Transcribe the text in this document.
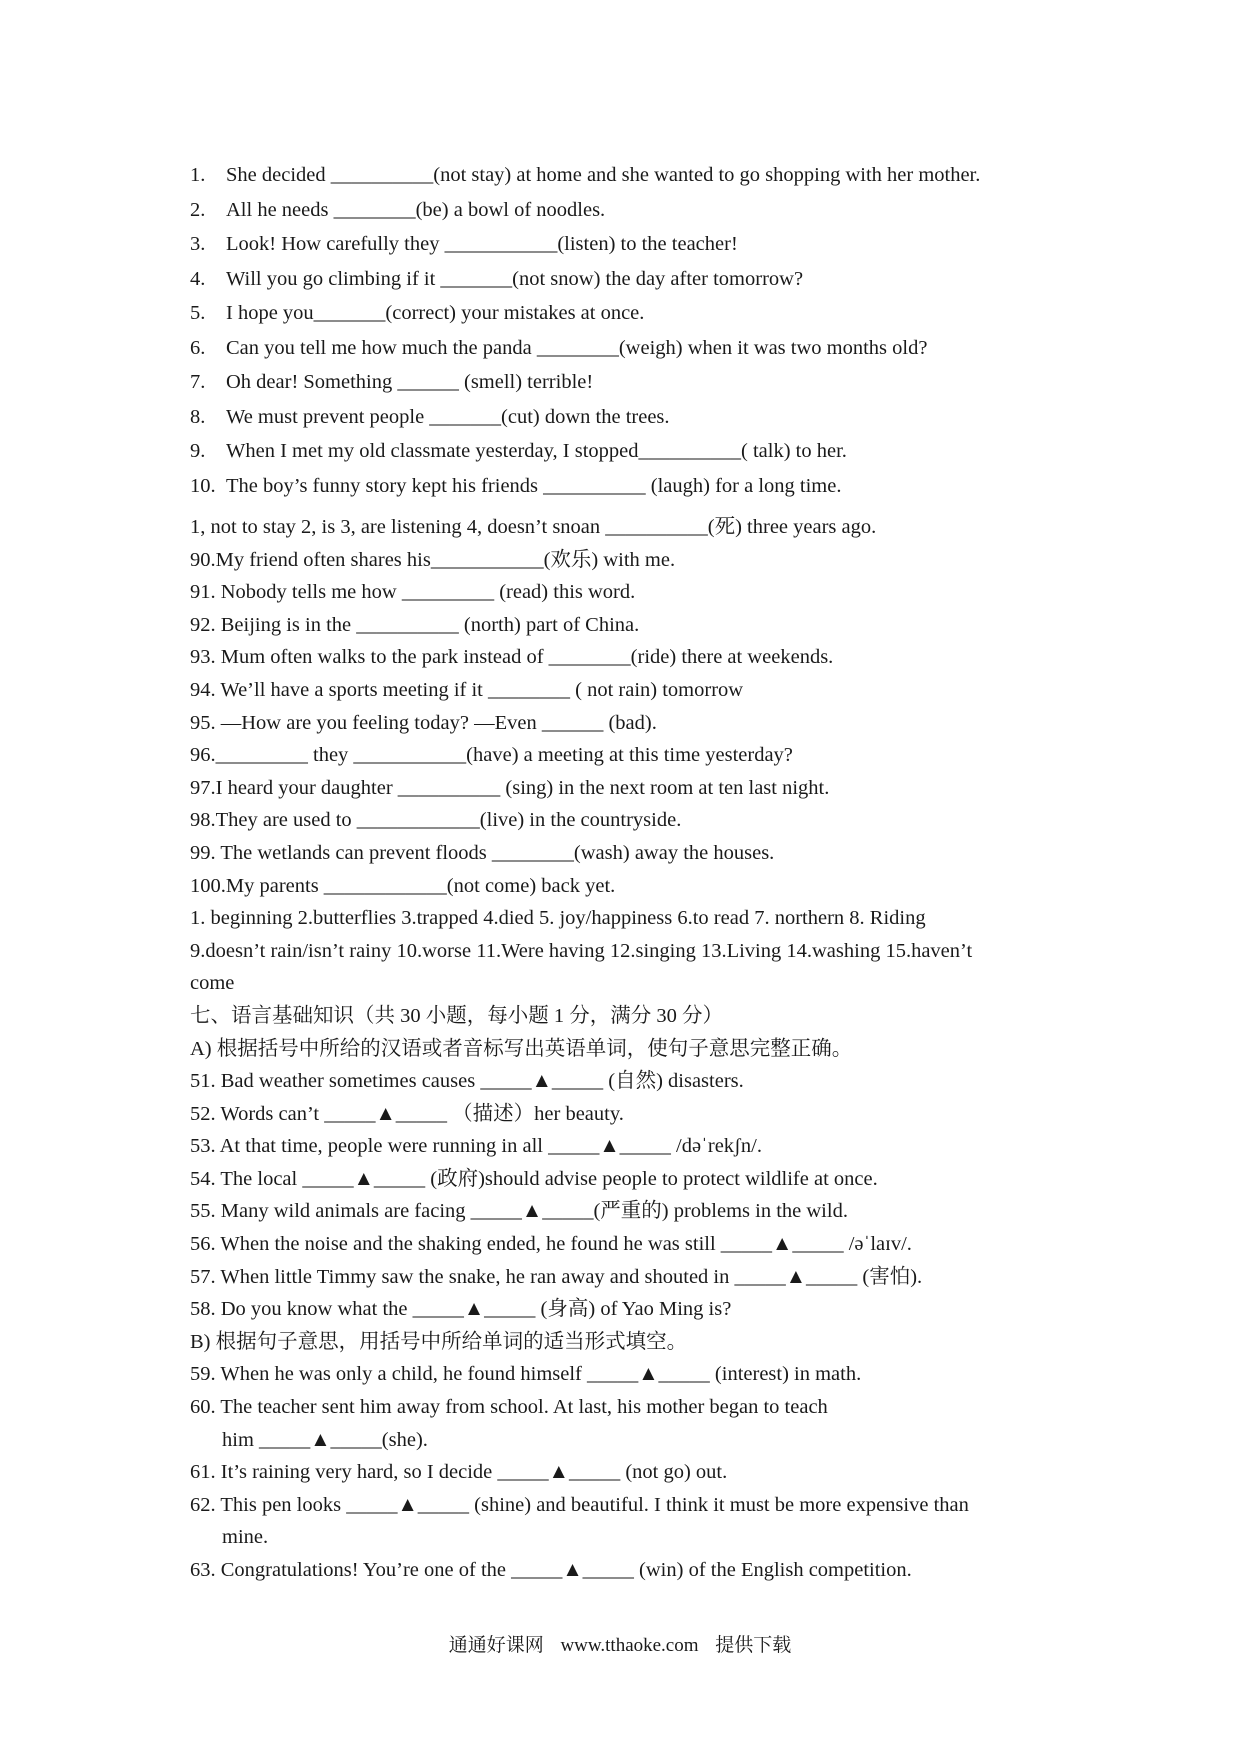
1. She decided __________(not stay) at home and she wanted to go shopping with her mother.
2. All he needs ________(be) a bowl of noodles.
3. Look! How carefully they ___________(listen) to the teacher!
4. Will you go climbing if it _______(not snow) the day after tomorrow?
5. I hope you_______(correct) your mistakes at once.
6. Can you tell me how much the panda ________(weigh) when it was two months old?
7. Oh dear! Something ______ (smell) terrible!
8. We must prevent people _______(cut) down the trees.
9. When I met my old classmate yesterday, I stopped__________( talk) to her.
10. The boy’s funny story kept his friends __________ (laugh) for a long time.
1, not to stay 2, is 3, are listening 4, doesn’t snoan __________(死) three years ago.
90.My friend often shares his___________(欢乐) with me.
91. Nobody tells me how _________ (read) this word.
92. Beijing is in the __________ (north) part of China.
93. Mum often walks to the park instead of ________(ride) there at weekends.
94. We’ll have a sports meeting if it ________ ( not rain) tomorrow
95. —How are you feeling today? —Even ______ (bad).
96._________ they ___________(have) a meeting at this time yesterday?
97.I heard your daughter __________ (sing) in the next room at ten last night.
98.They are used to ____________(live) in the countryside.
99. The wetlands can prevent floods ________(wash) away the houses.
100.My parents ____________(not come) back yet.
1. beginning 2.butterflies 3.trapped 4.died 5. joy/happiness 6.to read 7. northern 8. Riding
9.doesn’t rain/isn’t rainy 10.worse 11.Were having 12.singing 13.Living 14.washing 15.haven’t
come
七、语言基础知识（共 30 小题，每小题 1 分，满分 30 分）
A) 根据括号中所给的汉语或者音标写出英语单词，使句子意思完整正确。
51. Bad weather sometimes causes _____▲_____ (自然) disasters.
52. Words can’t _____▲_____ （描述）her beauty.
53. At that time, people were running in all _____▲_____ /dəˈrekʃn/.
54. The local _____▲_____ (政府)should advise people to protect wildlife at once.
55. Many wild animals are facing _____▲_____(严重的) problems in the wild.
56. When the noise and the shaking ended, he found he was still _____▲_____ /əˈlaɪv/.
57. When little Timmy saw the snake, he ran away and shouted in _____▲_____ (害怕).
58. Do you know what the _____▲_____ (身高) of Yao Ming is?
B) 根据句子意思，用括号中所给单词的适当形式填空。
59. When he was only a child, he found himself _____▲_____ (interest) in math.
60. The teacher sent him away from school. At last, his mother began to teach
him _____▲_____(she).
61. It’s raining very hard, so I decide _____▲_____ (not go) out.
62. This pen looks _____▲_____ (shine) and beautiful. I think it must be more expensive than
mine.
63. Congratulations! You’re one of the _____▲_____ (win) of the English competition.
通通好课网 www.tthaoke.com 提供下载
